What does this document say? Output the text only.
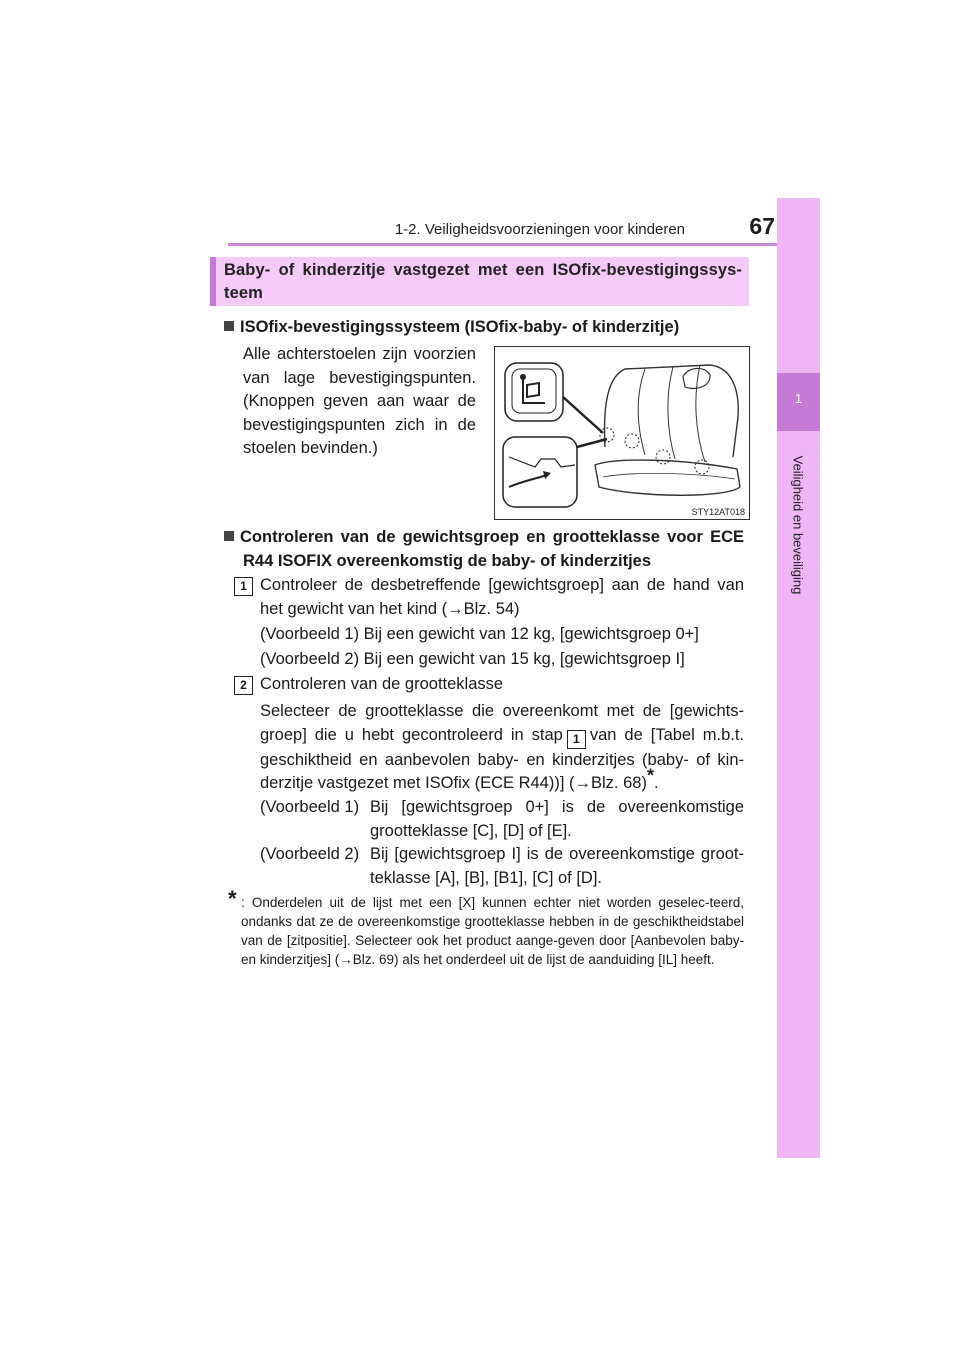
1-2. Veiligheidsvoorzieningen voor kinderen	67
1
Veiligheid en beveiliging
Baby- of kinderzitje vastgezet met een ISOfix-bevestigingssys-teem
ISOfix-bevestigingssysteem (ISOfix-baby- of kinderzitje)
Alle achterstoelen zijn voorzien van lage bevestigingspunten. (Knoppen geven aan waar de bevestigingspunten zich in de stoelen bevinden.)
STY12AT018
Controleren van de gewichtsgroep en grootteklasse voor ECE
R44 ISOFIX overeenkomstig de baby- of kinderzitjes
1 Controleer de desbetreffende [gewichtsgroep] aan de hand van het gewicht van het kind (→Blz. 54)
(Voorbeeld 1) Bij een gewicht van 12 kg, [gewichtsgroep 0+]
(Voorbeeld 2) Bij een gewicht van 15 kg, [gewichtsgroep I]
2 Controleren van de grootteklasse
Selecteer de grootteklasse die overeenkomt met de [gewichts-groep] die u hebt gecontroleerd in stap 1 van de [Tabel m.b.t. geschiktheid en aanbevolen baby- en kinderzitjes (baby- of kin-derzitje vastgezet met ISOfix (ECE R44))] (→Blz. 68)*.
(Voorbeeld 1) Bij [gewichtsgroep 0+] is de overeenkomstige grootteklasse [C], [D] of [E].
(Voorbeeld 2) Bij [gewichtsgroep I] is de overeenkomstige groot-teklasse [A], [B], [B1], [C] of [D].
* : Onderdelen uit de lijst met een [X] kunnen echter niet worden geselec-teerd, ondanks dat ze de overeenkomstige grootteklasse hebben in de geschiktheidstabel van de [zitpositie]. Selecteer ook het product aange-geven door [Aanbevolen baby- en kinderzitjes] (→Blz. 69) als het onderdeel uit de lijst de aanduiding [IL] heeft.
